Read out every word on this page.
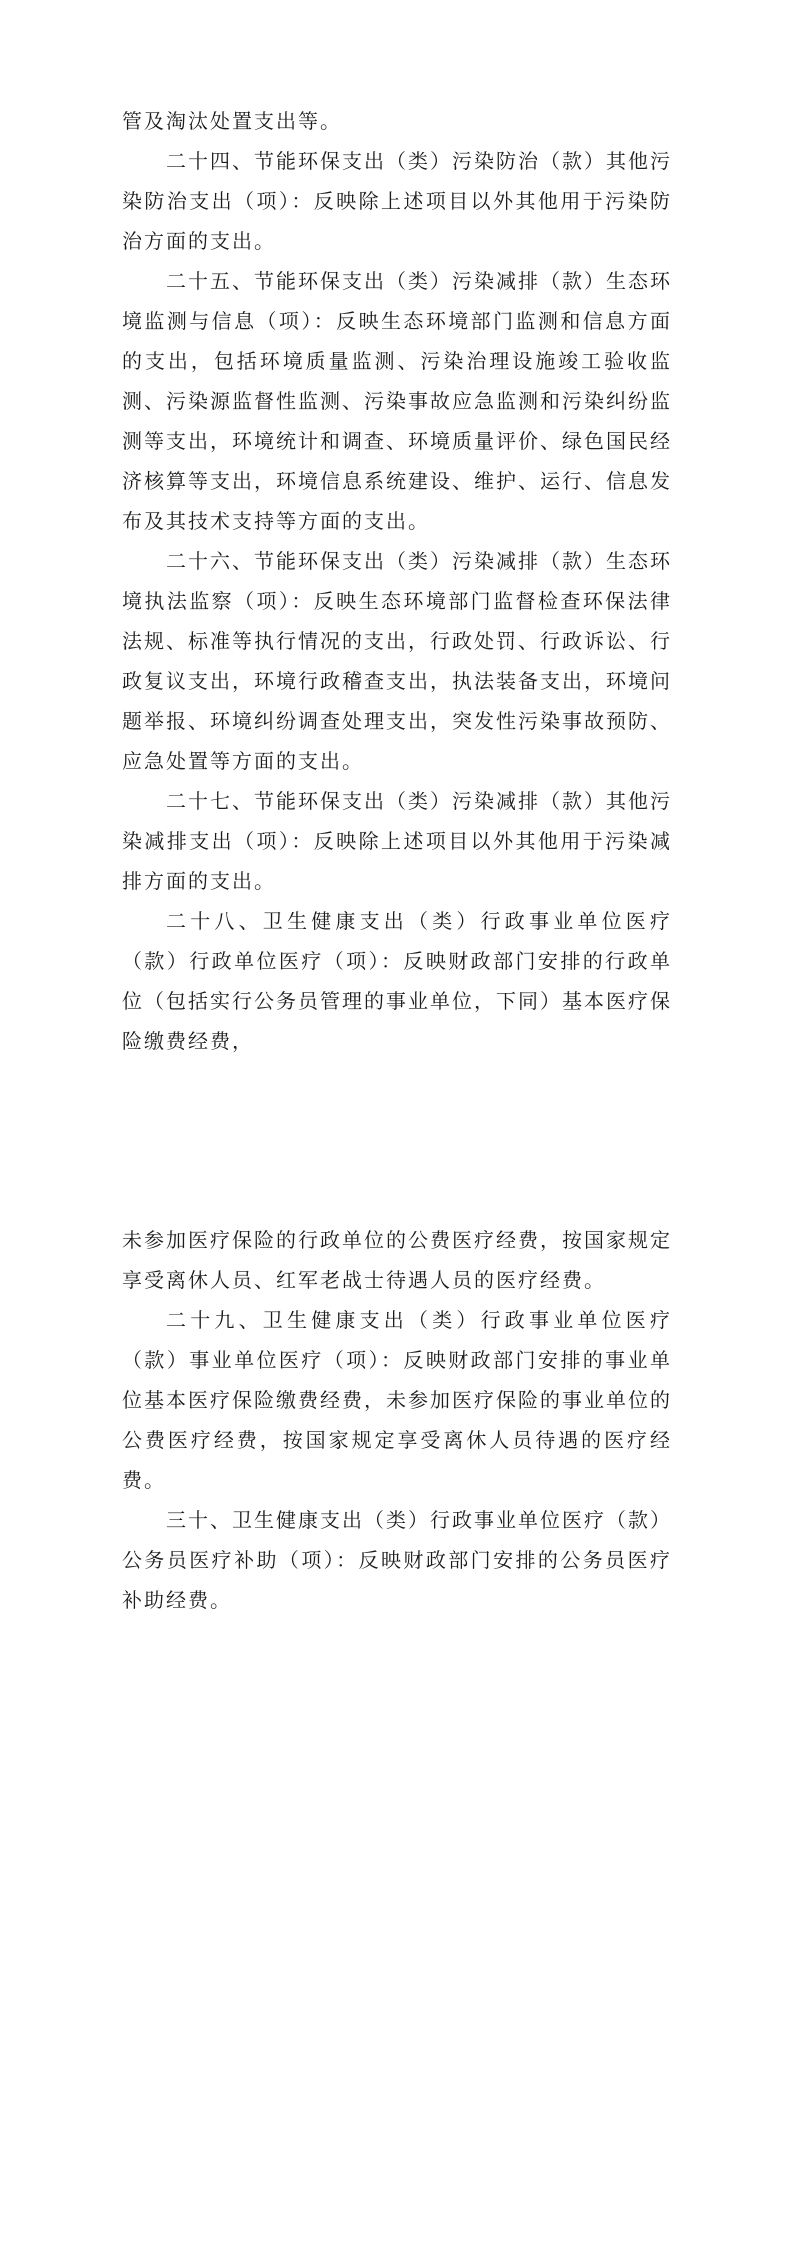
管及淘汰处置支出等。

二十四、节能环保支出（类）污染防治（款）其他污染防治支出（项）：反映除上述项目以外其他用于污染防治方面的支出。

二十五、节能环保支出（类）污染减排（款）生态环境监测与信息（项）：反映生态环境部门监测和信息方面的支出，包括环境质量监测、污染治理设施竣工验收监测、污染源监督性监测、污染事故应急监测和污染纠纷监测等支出，环境统计和调查、环境质量评价、绿色国民经济核算等支出，环境信息系统建设、维护、运行、信息发布及其技术支持等方面的支出。

二十六、节能环保支出（类）污染减排（款）生态环境执法监察（项）：反映生态环境部门监督检查环保法律法规、标准等执行情况的支出，行政处罚、行政诉讼、行政复议支出，环境行政稽查支出，执法装备支出，环境问题举报、环境纠纷调查处理支出，突发性污染事故预防、应急处置等方面的支出。

二十七、节能环保支出（类）污染减排（款）其他污染减排支出（项）：反映除上述项目以外其他用于污染减排方面的支出。

二十八、卫生健康支出（类）行政事业单位医疗（款）行政单位医疗（项）：反映财政部门安排的行政单位（包括实行公务员管理的事业单位，下同）基本医疗保险缴费经费，

未参加医疗保险的行政单位的公费医疗经费，按国家规定享受离休人员、红军老战士待遇人员的医疗经费。

二十九、卫生健康支出（类）行政事业单位医疗（款）事业单位医疗（项）：反映财政部门安排的事业单位基本医疗保险缴费经费，未参加医疗保险的事业单位的公费医疗经费，按国家规定享受离休人员待遇的医疗经费。

三十、卫生健康支出（类）行政事业单位医疗（款）公务员医疗补助（项）：反映财政部门安排的公务员医疗补助经费。
